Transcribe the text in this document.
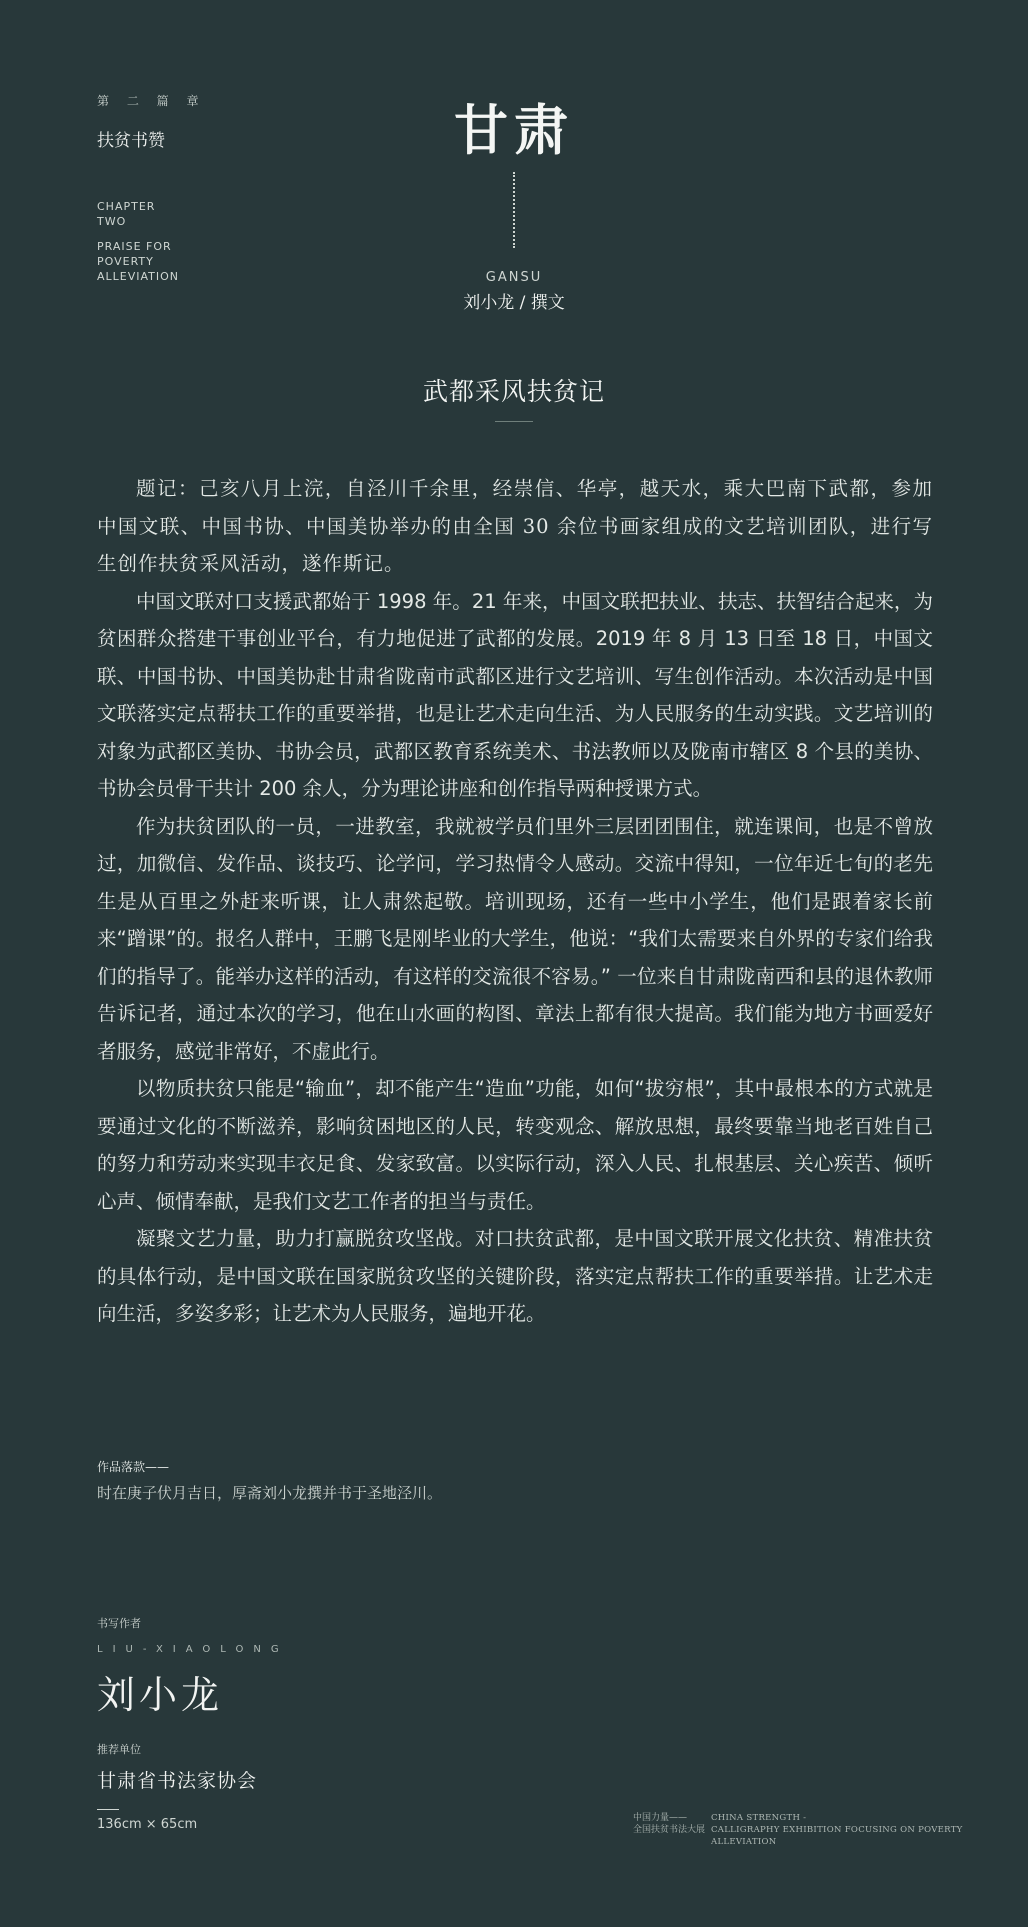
第 二 篇 章
扶贫书赞
CHAPTER
TWO
PRAISE FOR
POVERTY
ALLEVIATION
甘肃
GANSU
刘小龙 / 撰文
武都采风扶贫记

题记：己亥八月上浣，自泾川千余里，经崇信、华亭，越天水，乘大巴南下武都，参加中国文联、中国书协、中国美协举办的由全国 30 余位书画家组成的文艺培训团队，进行写生创作扶贫采风活动，遂作斯记。

中国文联对口支援武都始于 1998 年。21 年来，中国文联把扶业、扶志、扶智结合起来，为贫困群众搭建干事创业平台，有力地促进了武都的发展。2019 年 8 月 13 日至 18 日，中国文联、中国书协、中国美协赴甘肃省陇南市武都区进行文艺培训、写生创作活动。本次活动是中国文联落实定点帮扶工作的重要举措，也是让艺术走向生活、为人民服务的生动实践。文艺培训的对象为武都区美协、书协会员，武都区教育系统美术、书法教师以及陇南市辖区 8 个县的美协、书协会员骨干共计 200 余人，分为理论讲座和创作指导两种授课方式。

作为扶贫团队的一员，一进教室，我就被学员们里外三层团团围住，就连课间，也是不曾放过，加微信、发作品、谈技巧、论学问，学习热情令人感动。交流中得知，一位年近七旬的老先生是从百里之外赶来听课，让人肃然起敬。培训现场，还有一些中小学生，他们是跟着家长前来“蹭课”的。报名人群中，王鹏飞是刚毕业的大学生，他说：“我们太需要来自外界的专家们给我们的指导了。能举办这样的活动，有这样的交流很不容易。” 一位来自甘肃陇南西和县的退休教师告诉记者，通过本次的学习，他在山水画的构图、章法上都有很大提高。我们能为地方书画爱好者服务，感觉非常好，不虚此行。

以物质扶贫只能是“输血”，却不能产生“造血”功能，如何“拔穷根”，其中最根本的方式就是要通过文化的不断滋养，影响贫困地区的人民，转变观念、解放思想，最终要靠当地老百姓自己的努力和劳动来实现丰衣足食、发家致富。以实际行动，深入人民、扎根基层、关心疾苦、倾听心声、倾情奉献，是我们文艺工作者的担当与责任。

凝聚文艺力量，助力打赢脱贫攻坚战。对口扶贫武都，是中国文联开展文化扶贫、精准扶贫的具体行动，是中国文联在国家脱贫攻坚的关键阶段，落实定点帮扶工作的重要举措。让艺术走向生活，多姿多彩；让艺术为人民服务，遍地开花。

作品落款——
时在庚子伏月吉日，厚斋刘小龙撰并书于圣地泾川。
书写作者
LIU-XIAOLONG
刘小龙
推荐单位
甘肃省书法家协会
136cm × 65cm	中国力量——
全国扶贫书法大展
CHINA STRENGTH -
CALLIGRAPHY EXHIBITION FOCUSING ON POVERTY ALLEVIATION
